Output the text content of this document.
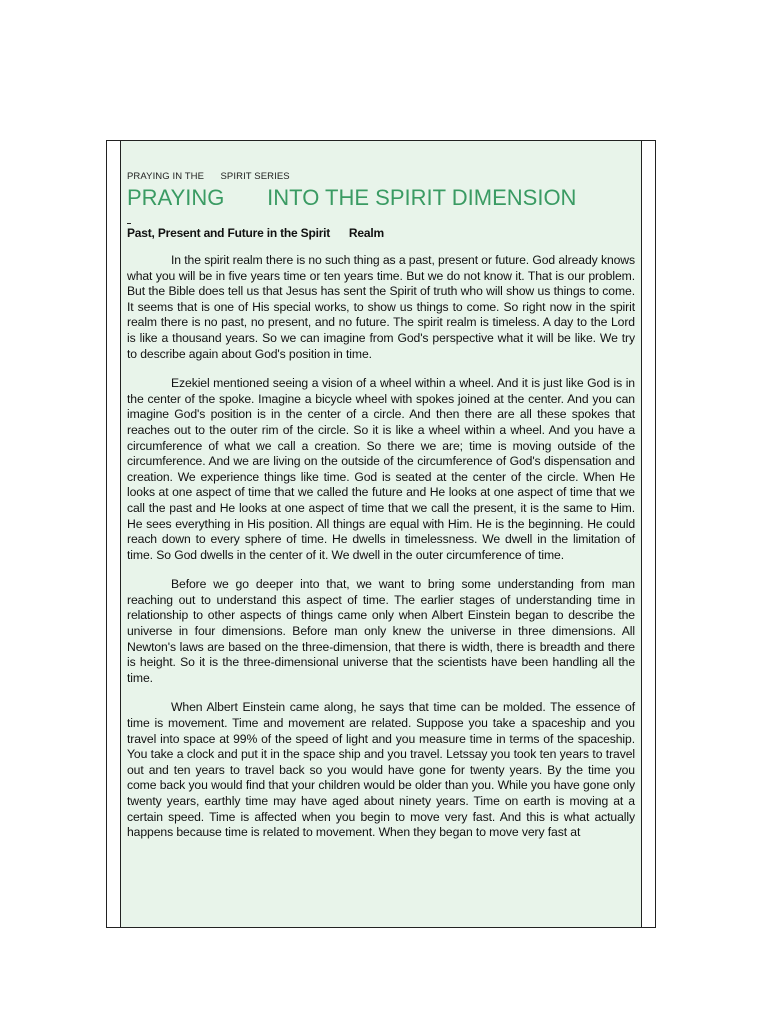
PRAYING IN THE      SPIRIT SERIES

PRAYING       INTO THE SPIRIT DIMENSION
Past, Present and Future in the Spirit      Realm

In the spirit realm there is no such thing as a past, present or future. God already knows what you will be in five years time or ten years time. But we do not know it. That is our problem. But the Bible does tell us that Jesus has sent the Spirit of truth who will show us things to come. It seems that is one of His special works, to show us things to come. So right now in the spirit realm there is no past, no present, and no future. The spirit realm is timeless. A day to the Lord is like a thousand years. So we can imagine from God's perspective what it will be like. We try to describe again about God's position in time.

Ezekiel mentioned seeing a vision of a wheel within a wheel. And it is just like God is in the center of the spoke. Imagine a bicycle wheel with spokes joined at the center. And you can imagine God's position is in the center of a circle. And then there are all these spokes that reaches out to the outer rim of the circle. So it is like a wheel within a wheel. And you have a circumference of what we call a creation. So there we are; time is moving outside of the circumference. And we are living on the outside of the circumference of God's dispensation and creation. We experience things like time. God is seated at the center of the circle. When He looks at one aspect of time that we called the future and He looks at one aspect of time that we call the past and He looks at one aspect of time that we call the present, it is the same to Him. He sees everything in His position. All things are equal with Him. He is the beginning. He could reach down to every sphere of time. He dwells in timelessness. We dwell in the limitation of time. So God dwells in the center of it. We dwell in the outer circumference of time.

Before we go deeper into that, we want to bring some understanding from man reaching out to understand this aspect of time. The earlier stages of understanding time in relationship to other aspects of things came only when Albert Einstein began to describe the universe in four dimensions. Before man only knew the universe in three dimensions. All Newton's laws are based on the three-dimension, that there is width, there is breadth and there is height. So it is the three-dimensional universe that the scientists have been handling all the time.

When Albert Einstein came along, he says that time can be molded. The essence of time is movement. Time and movement are related. Suppose you take a spaceship and you travel into space at 99% of the speed of light and you measure time in terms of the spaceship. You take a clock and put it in the space ship and you travel. Letssay you took ten years to travel out and ten years to travel back so you would have gone for twenty years. By the time you come back you would find that your children would be older than you. While you have gone only twenty years, earthly time may have aged about ninety years. Time on earth is moving at a certain speed. Time is affected when you begin to move very fast. And this is what actually happens because time is related to movement. When they began to move very fast at
